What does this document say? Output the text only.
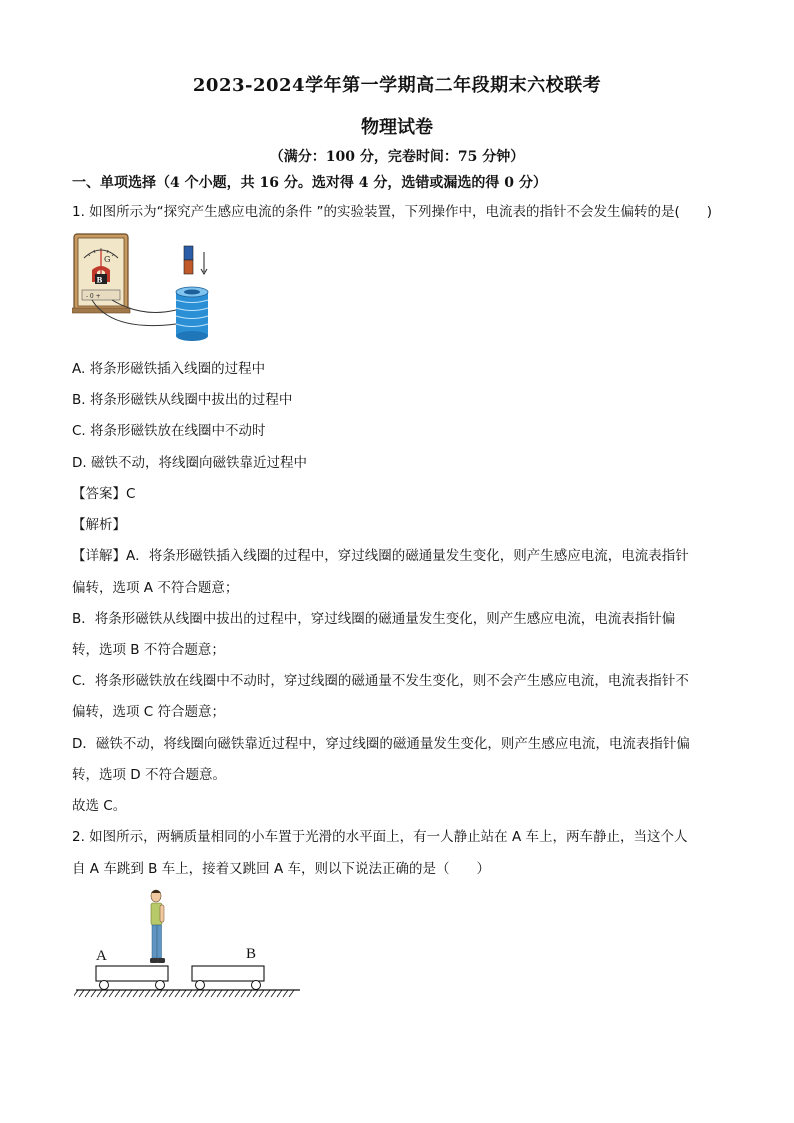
2023-2024学年第一学期高二年段期末六校联考
物理试卷
（满分：100 分，完卷时间：75 分钟）
一、单项选择（4 个小题，共 16 分。选对得 4 分，选错或漏选的得 0 分）
1. 如图所示为“探究产生感应电流的条件 ”的实验装置，下列操作中，电流表的指针不会发生偏转的是(　　)
G
B
- 0 +
A. 将条形磁铁插入线圈的过程中
B. 将条形磁铁从线圈中拔出的过程中
C. 将条形磁铁放在线圈中不动时
D. 磁铁不动，将线圈向磁铁靠近过程中
【答案】C
【解析】
【详解】A．将条形磁铁插入线圈的过程中，穿过线圈的磁通量发生变化，则产生感应电流，电流表指针
偏转，选项 A 不符合题意；
B．将条形磁铁从线圈中拔出的过程中，穿过线圈的磁通量发生变化，则产生感应电流，电流表指针偏
转，选项 B 不符合题意；
C．将条形磁铁放在线圈中不动时，穿过线圈的磁通量不发生变化，则不会产生感应电流，电流表指针不
偏转，选项 C 符合题意；
D．磁铁不动，将线圈向磁铁靠近过程中，穿过线圈的磁通量发生变化，则产生感应电流，电流表指针偏
转，选项 D 不符合题意。
故选 C。
2. 如图所示，两辆质量相同的小车置于光滑的水平面上，有一人静止站在 A 车上，两车静止，当这个人
自 A 车跳到 B 车上，接着又跳回 A 车，则以下说法正确的是（　　）
A	B
